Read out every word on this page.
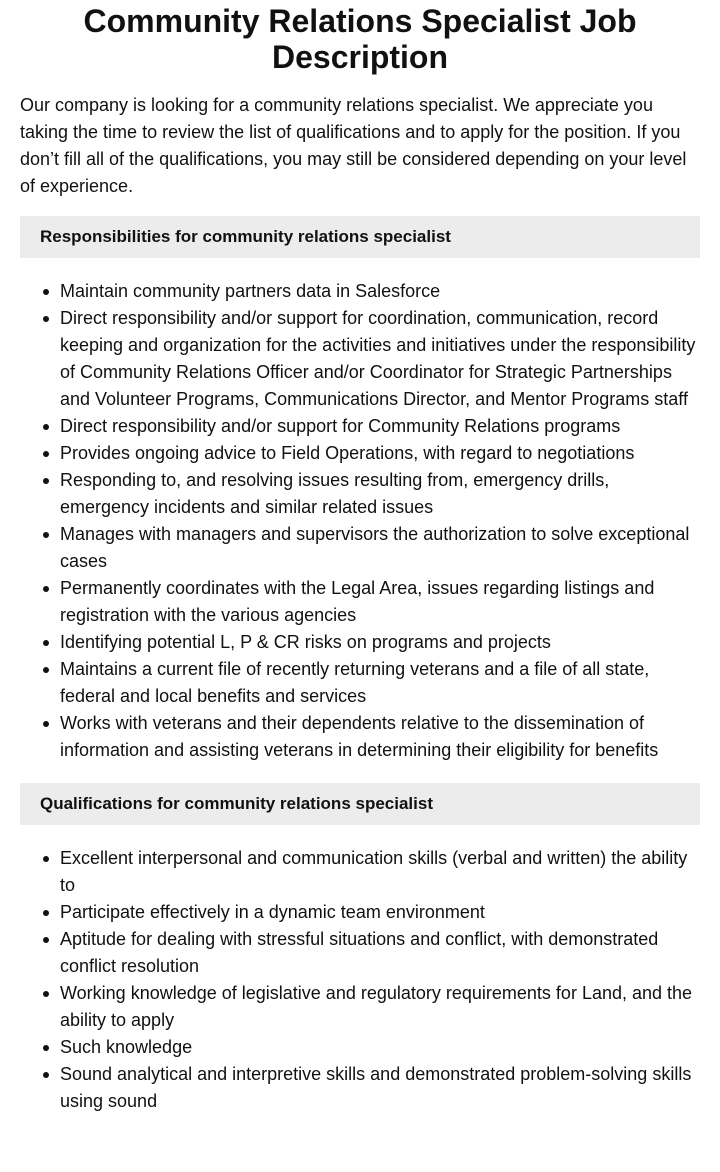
Community Relations Specialist Job Description

Our company is looking for a community relations specialist. We appreciate you taking the time to review the list of qualifications and to apply for the position. If you don’t fill all of the qualifications, you may still be considered depending on your level of experience.

Responsibilities for community relations specialist
Maintain community partners data in Salesforce
Direct responsibility and/or support for coordination, communication, record keeping and organization for the activities and initiatives under the responsibility of Community Relations Officer and/or Coordinator for Strategic Partnerships and Volunteer Programs, Communications Director, and Mentor Programs staff
Direct responsibility and/or support for Community Relations programs
Provides ongoing advice to Field Operations, with regard to negotiations
Responding to, and resolving issues resulting from, emergency drills, emergency incidents and similar related issues
Manages with managers and supervisors the authorization to solve exceptional cases
Permanently coordinates with the Legal Area, issues regarding listings and registration with the various agencies
Identifying potential L, P & CR risks on programs and projects
Maintains a current file of recently returning veterans and a file of all state, federal and local benefits and services
Works with veterans and their dependents relative to the dissemination of information and assisting veterans in determining their eligibility for benefits
Qualifications for community relations specialist
Excellent interpersonal and communication skills (verbal and written) the ability to
Participate effectively in a dynamic team environment
Aptitude for dealing with stressful situations and conflict, with demonstrated conflict resolution
Working knowledge of legislative and regulatory requirements for Land, and the ability to apply
Such knowledge
Sound analytical and interpretive skills and demonstrated problem-solving skills using sound
